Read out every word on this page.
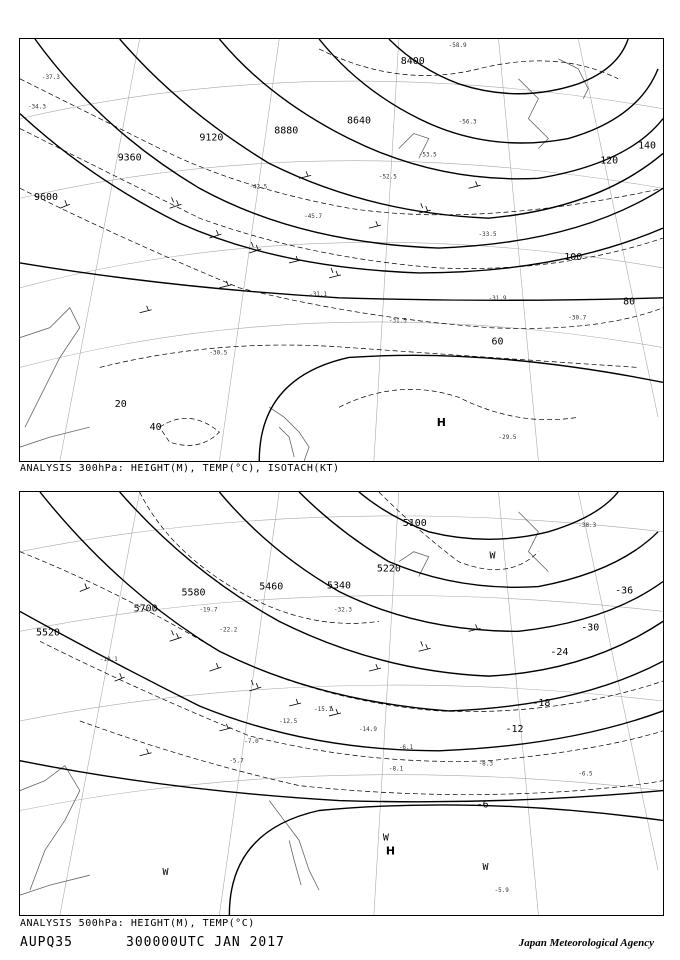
9600
9360
9120
8880
8640
8400
20
40
60
80
100
120
140
-37.3
-34.3
-31.5
-31.9
-30.5
-31.1
-30.7
-33.5
-53.5
-56.3
-58.9
-52.5
-45.7
-42.5
-29.5
H
ANALYSIS 300hPa: HEIGHT(M), TEMP(°C), ISOTACH(KT)
5700
5580
5520
5460	5340
5220
5100
-6
-12
-18
-24
-30
-36
-10.1
-12.5
-15.1
-14.9
-7.0
-5.7
-6.1
-8.1
-8.3
-19.7
-22.2
-38.3
-32.3
-5.9
-6.5
H
W
W
W
W
ANALYSIS 500hPa: HEIGHT(M), TEMP(°C)
AUPQ35	300000UTC JAN 2017	Japan Meteorological Agency
